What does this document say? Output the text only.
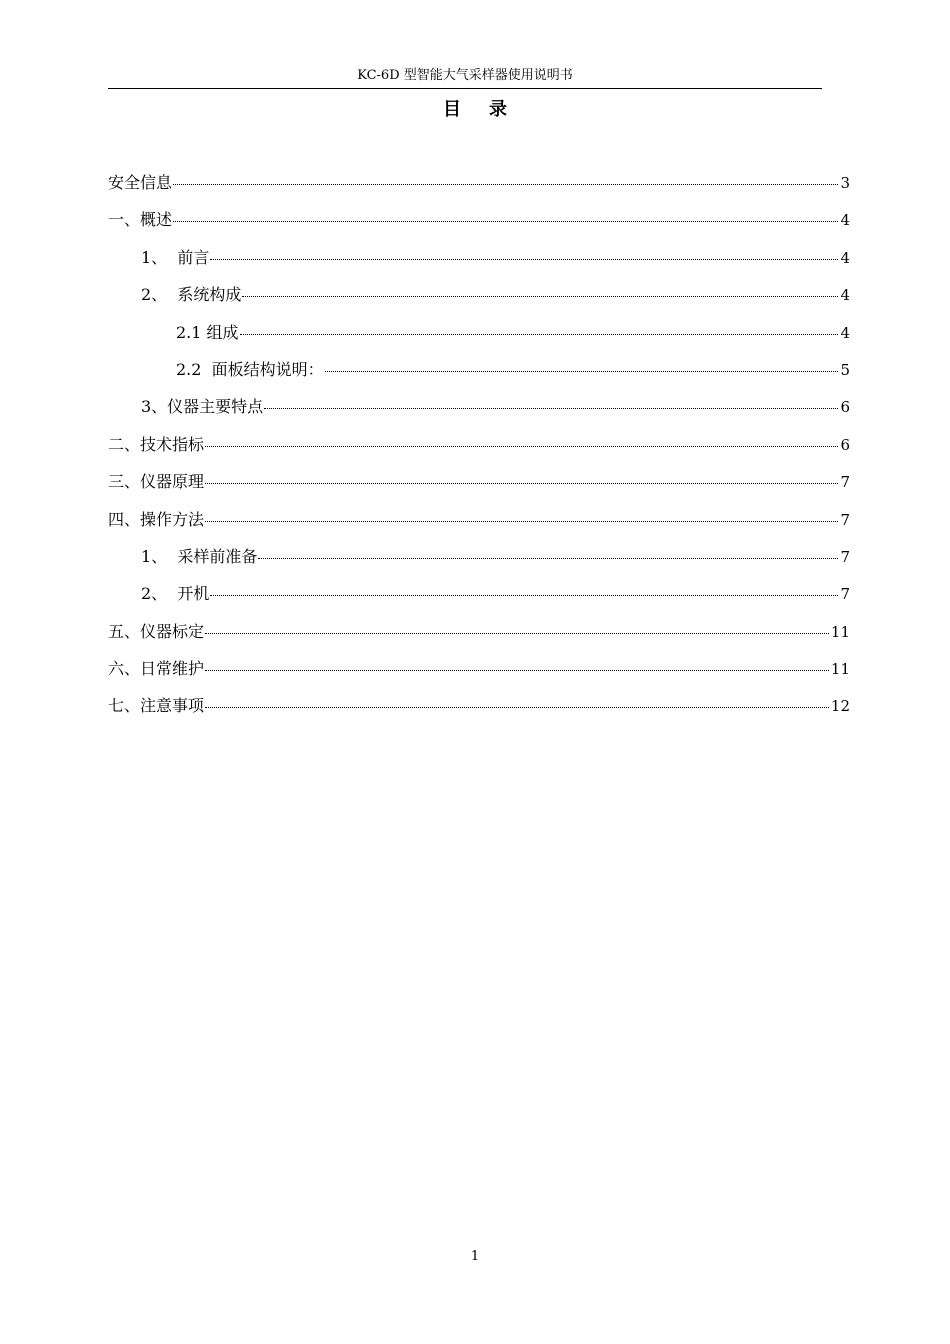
KC-6D 型智能大气采样器使用说明书
目录
安全信息	3
一、概述	4
1、  前言	4
2、  系统构成	4
2.1 组成	4
2.2  面板结构说明：	5
3、仪器主要特点	6
二、技术指标	6
三、仪器原理	7
四、操作方法	7
1、  采样前准备	7
2、  开机	7
五、仪器标定	11
六、日常维护	11
七、注意事项	12
1
